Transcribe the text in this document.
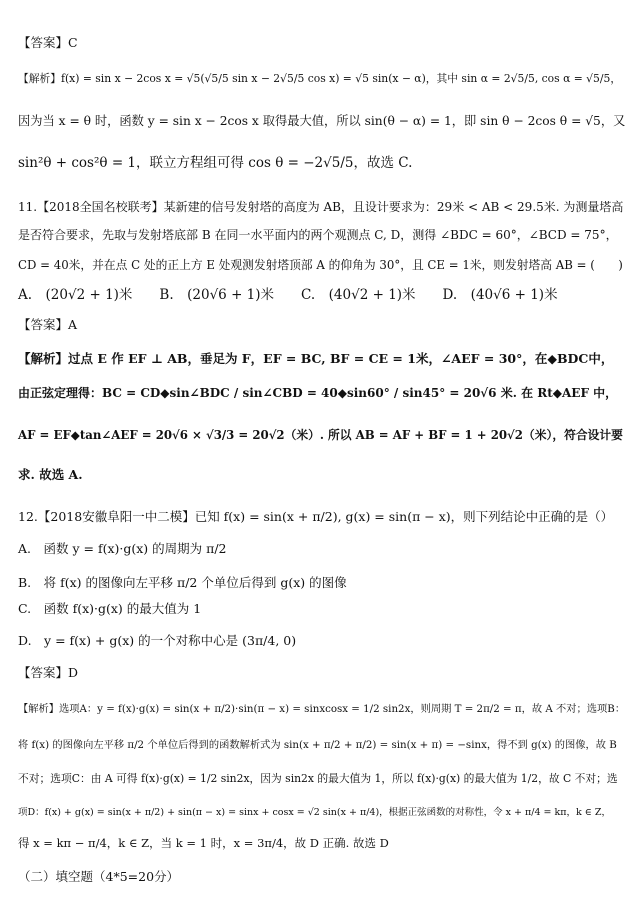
【答案】C
【解析】f(x) = sin x − 2cos x = √5(√5/5 sin x − 2√5/5 cos x) = √5 sin(x − α)，其中 sin α = 2√5/5, cos α = √5/5，
因为当 x = θ 时，函数 y = sin x − 2cos x 取得最大值，所以 sin(θ − α) = 1，即 sin θ − 2cos θ = √5，又
sin²θ + cos²θ = 1，联立方程组可得 cos θ = −2√5/5，故选 C.
11.【2018全国名校联考】某新建的信号发射塔的高度为 AB，且设计要求为：29米 < AB < 29.5米. 为测量塔高
是否符合要求，先取与发射塔底部 B 在同一水平面内的两个观测点 C, D，测得 ∠BDC = 60°，∠BCD = 75°，
CD = 40米，并在点 C 处的正上方 E 处观测发射塔顶部 A 的仰角为 30°，且 CE = 1米，则发射塔高 AB = (　　)
A.　(20√2 + 1)米　　B.　(20√6 + 1)米　　C.　(40√2 + 1)米　　D.　(40√6 + 1)米
【答案】A
【解析】过点 E 作 EF ⊥ AB，垂足为 F，EF = BC, BF = CE = 1米，∠AEF = 30°，在◆BDC中，
由正弦定理得：BC = CD◆sin∠BDC / sin∠CBD = 40◆sin60° / sin45° = 20√6 米. 在 Rt◆AEF 中，
AF = EF◆tan∠AEF = 20√6 × √3/3 = 20√2（米）. 所以 AB = AF + BF = 1 + 20√2（米），符合设计要
求. 故选 A.
12.【2018安徽阜阳一中二模】已知 f(x) = sin(x + π/2), g(x) = sin(π − x)，则下列结论中正确的是（）
A.　函数 y = f(x)·g(x) 的周期为 π/2
B.　将 f(x) 的图像向左平移 π/2 个单位后得到 g(x) 的图像
C.　函数 f(x)·g(x) 的最大值为 1
D.　y = f(x) + g(x) 的一个对称中心是 (3π/4, 0)
【答案】D
【解析】选项A：y = f(x)·g(x) = sin(x + π/2)·sin(π − x) = sinxcosx = 1/2 sin2x，则周期 T = 2π/2 = π，故 A 不对；选项B：
将 f(x) 的图像向左平移 π/2 个单位后得到的函数解析式为 sin(x + π/2 + π/2) = sin(x + π) = −sinx，得不到 g(x) 的图像，故 B
不对；选项C：由 A 可得 f(x)·g(x) = 1/2 sin2x，因为 sin2x 的最大值为 1，所以 f(x)·g(x) 的最大值为 1/2，故 C 不对；选
项D：f(x) + g(x) = sin(x + π/2) + sin(π − x) = sinx + cosx = √2 sin(x + π/4)，根据正弦函数的对称性，令 x + π/4 = kπ，k ∈ Z，
得 x = kπ − π/4，k ∈ Z，当 k = 1 时，x = 3π/4，故 D 正确. 故选 D
（二）填空题（4*5=20分）
